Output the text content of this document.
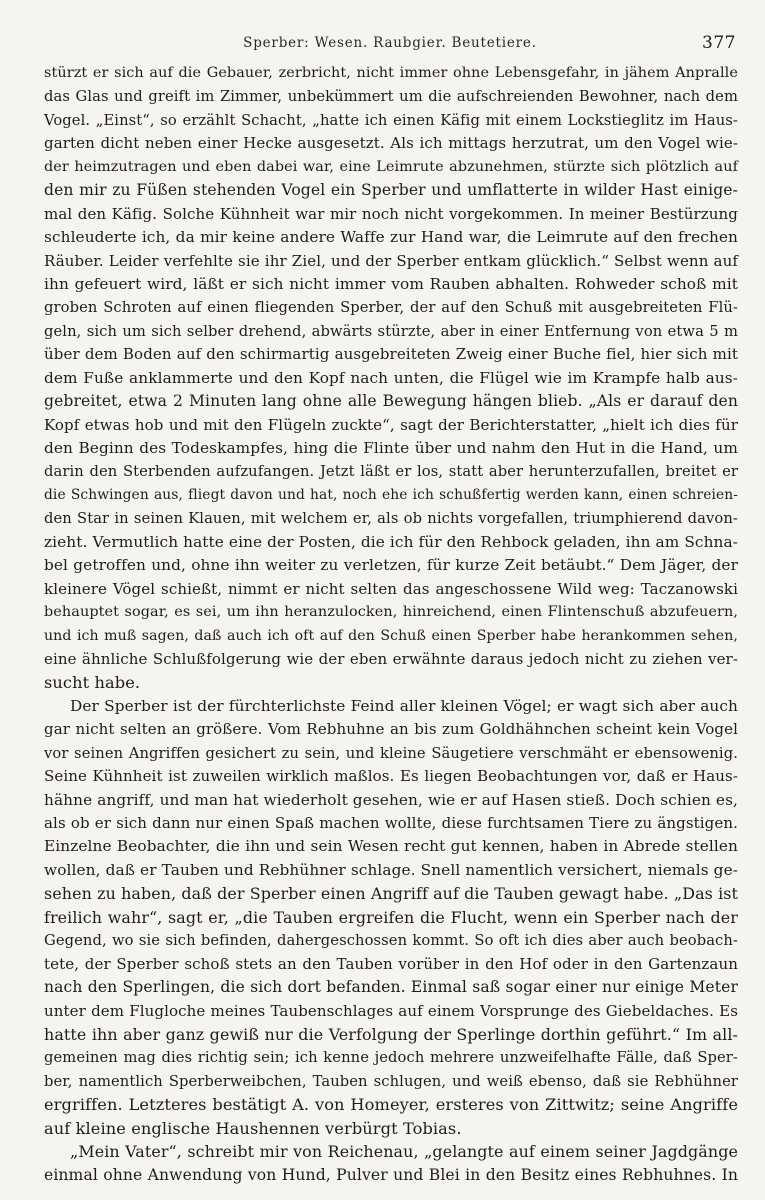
Sperber: Wesen. Raubgier. Beutetiere.	377
stürzt er sich auf die Gebauer, zerbricht, nicht immer ohne Lebensgefahr, in jähem Anpralle
das Glas und greift im Zimmer, unbekümmert um die aufschreienden Bewohner, nach dem
Vogel. „Einst“, so erzählt Schacht, „hatte ich einen Käfig mit einem Lockstieglitz im Haus-
garten dicht neben einer Hecke ausgesetzt. Als ich mittags herzutrat, um den Vogel wie-
der heimzutragen und eben dabei war, eine Leimrute abzunehmen, stürzte sich plötzlich auf
den mir zu Füßen stehenden Vogel ein Sperber und umflatterte in wilder Hast einige-
mal den Käfig. Solche Kühnheit war mir noch nicht vorgekommen. In meiner Bestürzung
schleuderte ich, da mir keine andere Waffe zur Hand war, die Leimrute auf den frechen
Räuber. Leider verfehlte sie ihr Ziel, und der Sperber entkam glücklich.“ Selbst wenn auf
ihn gefeuert wird, läßt er sich nicht immer vom Rauben abhalten. Rohweder schoß mit
groben Schroten auf einen fliegenden Sperber, der auf den Schuß mit ausgebreiteten Flü-
geln, sich um sich selber drehend, abwärts stürzte, aber in einer Entfernung von etwa 5 m
über dem Boden auf den schirmartig ausgebreiteten Zweig einer Buche fiel, hier sich mit
dem Fuße anklammerte und den Kopf nach unten, die Flügel wie im Krampfe halb aus-
gebreitet, etwa 2 Minuten lang ohne alle Bewegung hängen blieb. „Als er darauf den
Kopf etwas hob und mit den Flügeln zuckte“, sagt der Berichterstatter, „hielt ich dies für
den Beginn des Todeskampfes, hing die Flinte über und nahm den Hut in die Hand, um
darin den Sterbenden aufzufangen. Jetzt läßt er los, statt aber herunterzufallen, breitet er
die Schwingen aus, fliegt davon und hat, noch ehe ich schußfertig werden kann, einen schreien-
den Star in seinen Klauen, mit welchem er, als ob nichts vorgefallen, triumphierend davon-
zieht. Vermutlich hatte eine der Posten, die ich für den Rehbock geladen, ihn am Schna-
bel getroffen und, ohne ihn weiter zu verletzen, für kurze Zeit betäubt.“ Dem Jäger, der
kleinere Vögel schießt, nimmt er nicht selten das angeschossene Wild weg: Taczanowski
behauptet sogar, es sei, um ihn heranzulocken, hinreichend, einen Flintenschuß abzufeuern,
und ich muß sagen, daß auch ich oft auf den Schuß einen Sperber habe herankommen sehen,
eine ähnliche Schlußfolgerung wie der eben erwähnte daraus jedoch nicht zu ziehen ver-
sucht habe.
Der Sperber ist der fürchterlichste Feind aller kleinen Vögel; er wagt sich aber auch
gar nicht selten an größere. Vom Rebhuhne an bis zum Goldhähnchen scheint kein Vogel
vor seinen Angriffen gesichert zu sein, und kleine Säugetiere verschmäht er ebensowenig.
Seine Kühnheit ist zuweilen wirklich maßlos. Es liegen Beobachtungen vor, daß er Haus-
hähne angriff, und man hat wiederholt gesehen, wie er auf Hasen stieß. Doch schien es,
als ob er sich dann nur einen Spaß machen wollte, diese furchtsamen Tiere zu ängstigen.
Einzelne Beobachter, die ihn und sein Wesen recht gut kennen, haben in Abrede stellen
wollen, daß er Tauben und Rebhühner schlage. Snell namentlich versichert, niemals ge-
sehen zu haben, daß der Sperber einen Angriff auf die Tauben gewagt habe. „Das ist
freilich wahr“, sagt er, „die Tauben ergreifen die Flucht, wenn ein Sperber nach der
Gegend, wo sie sich befinden, dahergeschossen kommt. So oft ich dies aber auch beobach-
tete, der Sperber schoß stets an den Tauben vorüber in den Hof oder in den Gartenzaun
nach den Sperlingen, die sich dort befanden. Einmal saß sogar einer nur einige Meter
unter dem Flugloche meines Taubenschlages auf einem Vorsprunge des Giebeldaches. Es
hatte ihn aber ganz gewiß nur die Verfolgung der Sperlinge dorthin geführt.“ Im all-
gemeinen mag dies richtig sein; ich kenne jedoch mehrere unzweifelhafte Fälle, daß Sper-
ber, namentlich Sperberweibchen, Tauben schlugen, und weiß ebenso, daß sie Rebhühner
ergriffen. Letzteres bestätigt A. von Homeyer, ersteres von Zittwitz; seine Angriffe
auf kleine englische Haushennen verbürgt Tobias.
„Mein Vater“, schreibt mir von Reichenau, „gelangte auf einem seiner Jagdgänge
einmal ohne Anwendung von Hund, Pulver und Blei in den Besitz eines Rebhuhnes. In
